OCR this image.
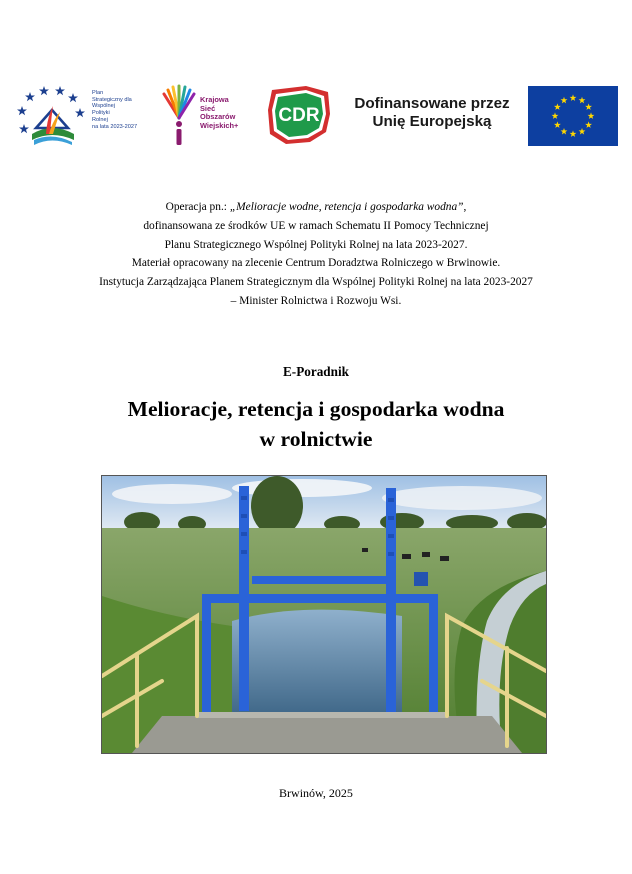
Plan
Strategiczny dla
Wspólnej
Polityki
Rolnej
na lata 2023-2027
Krajowa
Sieć
Obszarów
Wiejskich+ CDR
Dofinansowane przez
Unię Europejską

Operacja pn.: „Melioracje wodne, retencja i gospodarka wodna”,

dofinansowana ze środków UE w ramach Schematu II Pomocy Technicznej

Planu Strategicznego Wspólnej Polityki Rolnej na lata 2023-2027.

Materiał opracowany na zlecenie Centrum Doradztwa Rolniczego w Brwinowie.

Instytucja Zarządzająca Planem Strategicznym dla Wspólnej Polityki Rolnej na lata 2023-2027

– Minister Rolnictwa i Rozwoju Wsi.

E-Poradnik
Melioracje, retencja i gospodarka wodna
w rolnictwie
Brwinów, 2025
